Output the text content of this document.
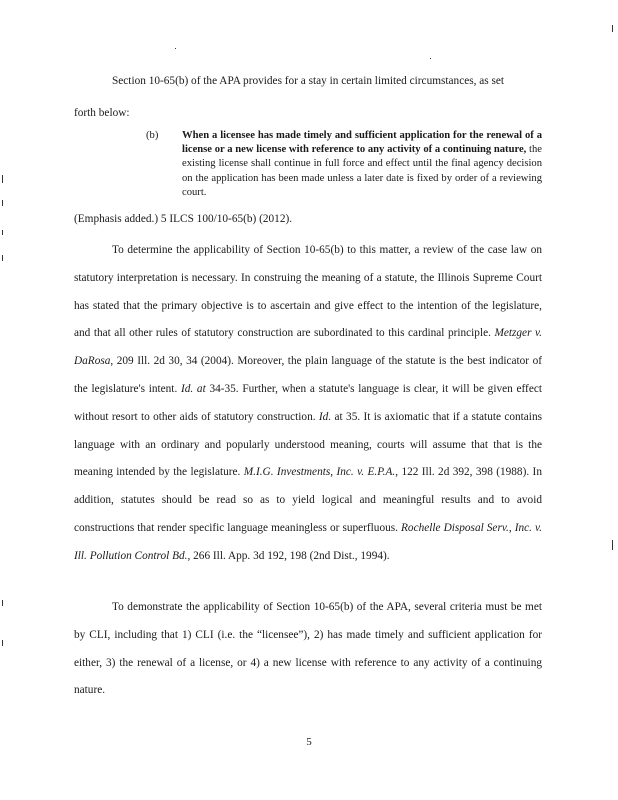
Section 10-65(b) of the APA provides for a stay in certain limited circumstances, as set

forth below:

(b) When a licensee has made timely and sufficient application for the renewal of a license or a new license with reference to any activity of a continuing nature, the existing license shall continue in full force and effect until the final agency decision on the application has been made unless a later date is fixed by order of a reviewing court.

(Emphasis added.) 5 ILCS 100/10-65(b) (2012).

To determine the applicability of Section 10-65(b) to this matter, a review of the case law on statutory interpretation is necessary. In construing the meaning of a statute, the Illinois Supreme Court has stated that the primary objective is to ascertain and give effect to the intention of the legislature, and that all other rules of statutory construction are subordinated to this cardinal principle. Metzger v. DaRosa, 209 Ill. 2d 30, 34 (2004). Moreover, the plain language of the statute is the best indicator of the legislature's intent. Id. at 34-35. Further, when a statute's language is clear, it will be given effect without resort to other aids of statutory construction. Id. at 35. It is axiomatic that if a statute contains language with an ordinary and popularly understood meaning, courts will assume that that is the meaning intended by the legislature. M.I.G. Investments, Inc. v. E.P.A., 122 Ill. 2d 392, 398 (1988). In addition, statutes should be read so as to yield logical and meaningful results and to avoid constructions that render specific language meaningless or superfluous. Rochelle Disposal Serv., Inc. v. Ill. Pollution Control Bd., 266 Ill. App. 3d 192, 198 (2nd Dist., 1994).

To demonstrate the applicability of Section 10-65(b) of the APA, several criteria must be met by CLI, including that 1) CLI (i.e. the “licensee”), 2) has made timely and sufficient application for either, 3) the renewal of a license, or 4) a new license with reference to any activity of a continuing nature.

5
